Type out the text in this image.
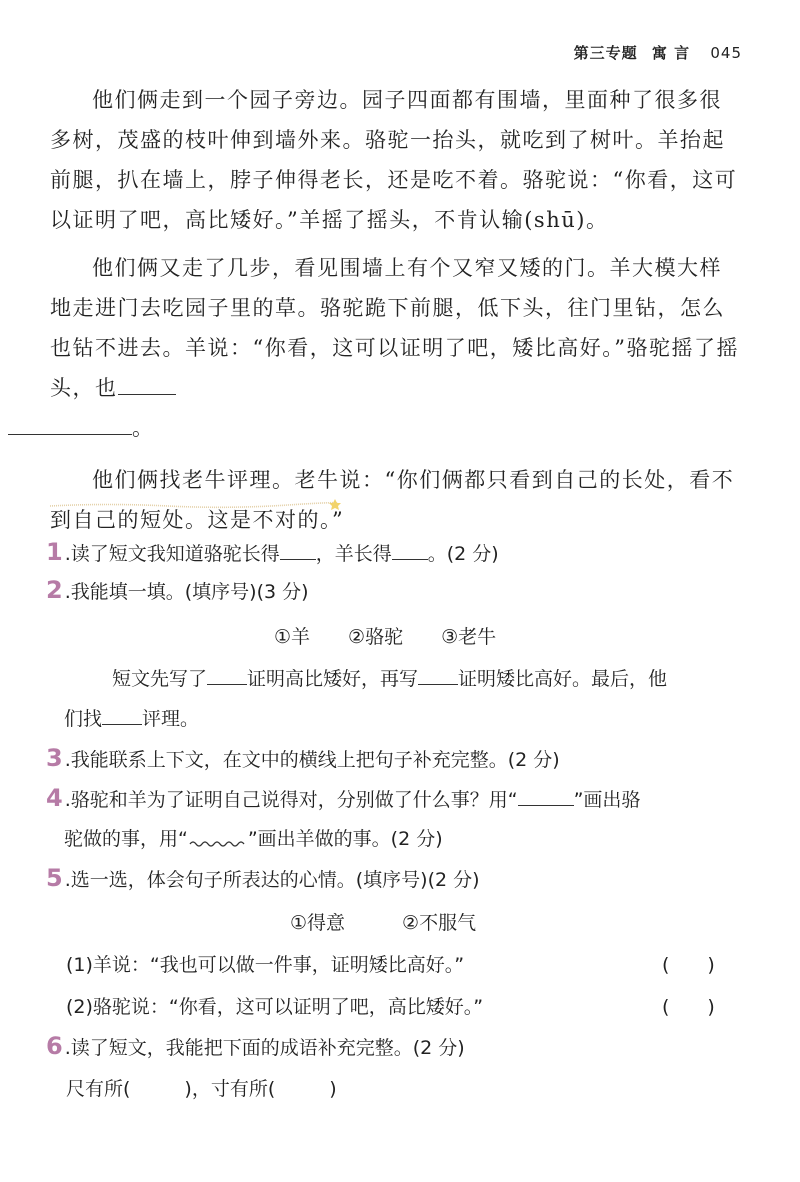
第三专题 寓 言 045

他们俩走到一个园子旁边。园子四面都有围墙，里面种了很多很多树，茂盛的枝叶伸到墙外来。骆驼一抬头，就吃到了树叶。羊抬起前腿，扒在墙上，脖子伸得老长，还是吃不着。骆驼说：“你看，这可以证明了吧，高比矮好。”羊摇了摇头，不肯认输(shū)。

他们俩又走了几步，看见围墙上有个又窄又矮的门。羊大模大样地走进门去吃园子里的草。骆驼跪下前腿，低下头，往门里钻，怎么也钻不进去。羊说：“你看，这可以证明了吧，矮比高好。”骆驼摇了摇头，也
。

他们俩找老牛评理。老牛说：“你们俩都只看到自己的长处，看不到自己的短处。这是不对的。”

1 .读了短文我知道骆驼长得 ，羊长得 。(2 分)
2 .我能填一填。(填序号)(3 分)
①羊　　②骆驼　　③老牛
短文先写了 证明高比矮好，再写 证明矮比高好。最后，他
们找 评理。
3 .我能联系上下文，在文中的横线上把句子补充完整。(2 分)
4 .骆驼和羊为了证明自己说得对，分别做了什么事？用“	”画出骆
驼做的事，用“	”画出羊做的事。(2 分)
5 .选一选，体会句子所表达的心情。(填序号)(2 分)
①得意　　　②不服气
(1)羊说：“我也可以做一件事，证明矮比高好。”	(　　)
(2)骆驼说：“你看，这可以证明了吧，高比矮好。”	(　　)
6 .读了短文，我能把下面的成语补充完整。(2 分)
尺有所(	)，寸有所(	)
